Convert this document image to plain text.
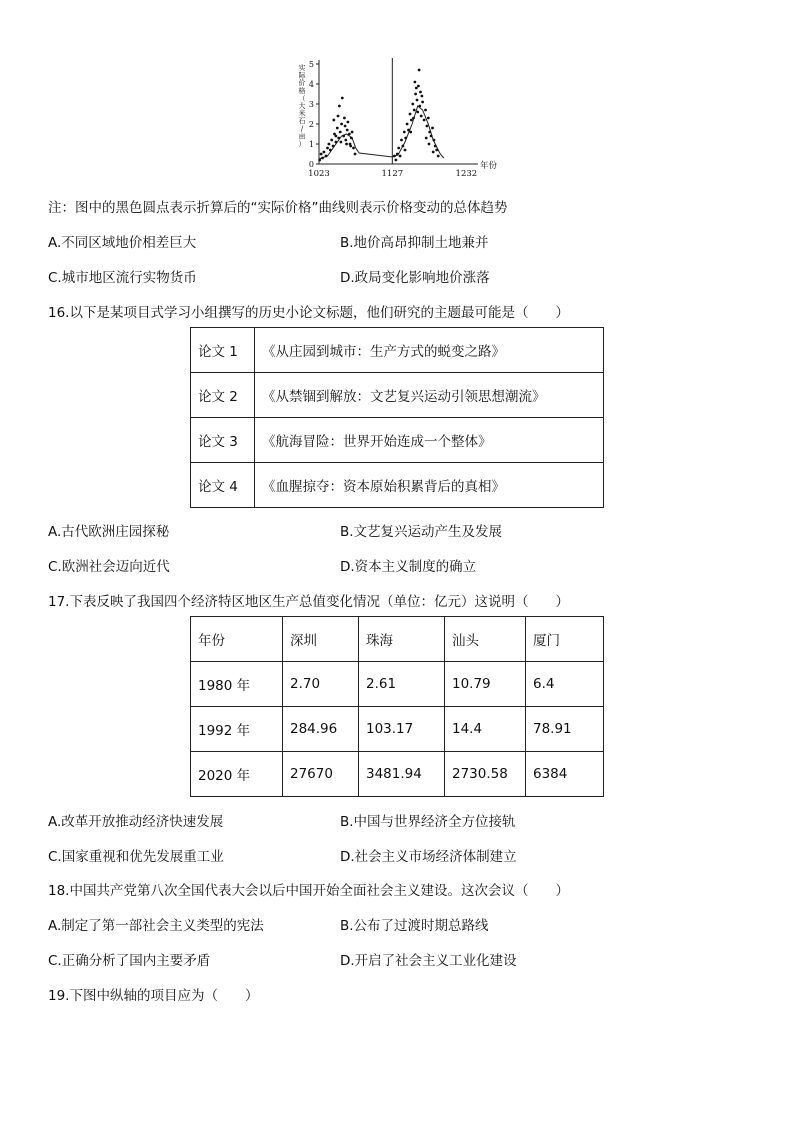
0
1
2
3
4
5
1023	1127	1232
年份
实
际
价
格
（
大
米
石
/
亩
）
注：图中的黑色圆点表示折算后的“实际价格”曲线则表示价格变动的总体趋势
A.不同区域地价相差巨大	B.地价高昂抑制土地兼并
C.城市地区流行实物货币	D.政局变化影响地价涨落
16.以下是某项目式学习小组撰写的历史小论文标题，他们研究的主题最可能是（　　）
论文 1	《从庄园到城市：生产方式的蜕变之路》
论文 2	《从禁锢到解放：文艺复兴运动引领思想潮流》
论文 3	《航海冒险：世界开始连成一个整体》
论文 4	《血腥掠夺：资本原始积累背后的真相》
A.古代欧洲庄园探秘	B.文艺复兴运动产生及发展
C.欧洲社会迈向近代	D.资本主义制度的确立
17.下表反映了我国四个经济特区地区生产总值变化情况（单位：亿元）这说明（　　）
年份	深圳	珠海	汕头	厦门
1980 年	2.70	2.61	10.79	6.4
1992 年	284.96	103.17	14.4	78.91
2020 年	27670	3481.94	2730.58	6384
A.改革开放推动经济快速发展	B.中国与世界经济全方位接轨
C.国家重视和优先发展重工业	D.社会主义市场经济体制建立
18.中国共产党第八次全国代表大会以后中国开始全面社会主义建设。这次会议（　　）
A.制定了第一部社会主义类型的宪法	B.公布了过渡时期总路线
C.正确分析了国内主要矛盾	D.开启了社会主义工业化建设
19.下图中纵轴的项目应为（　　）
